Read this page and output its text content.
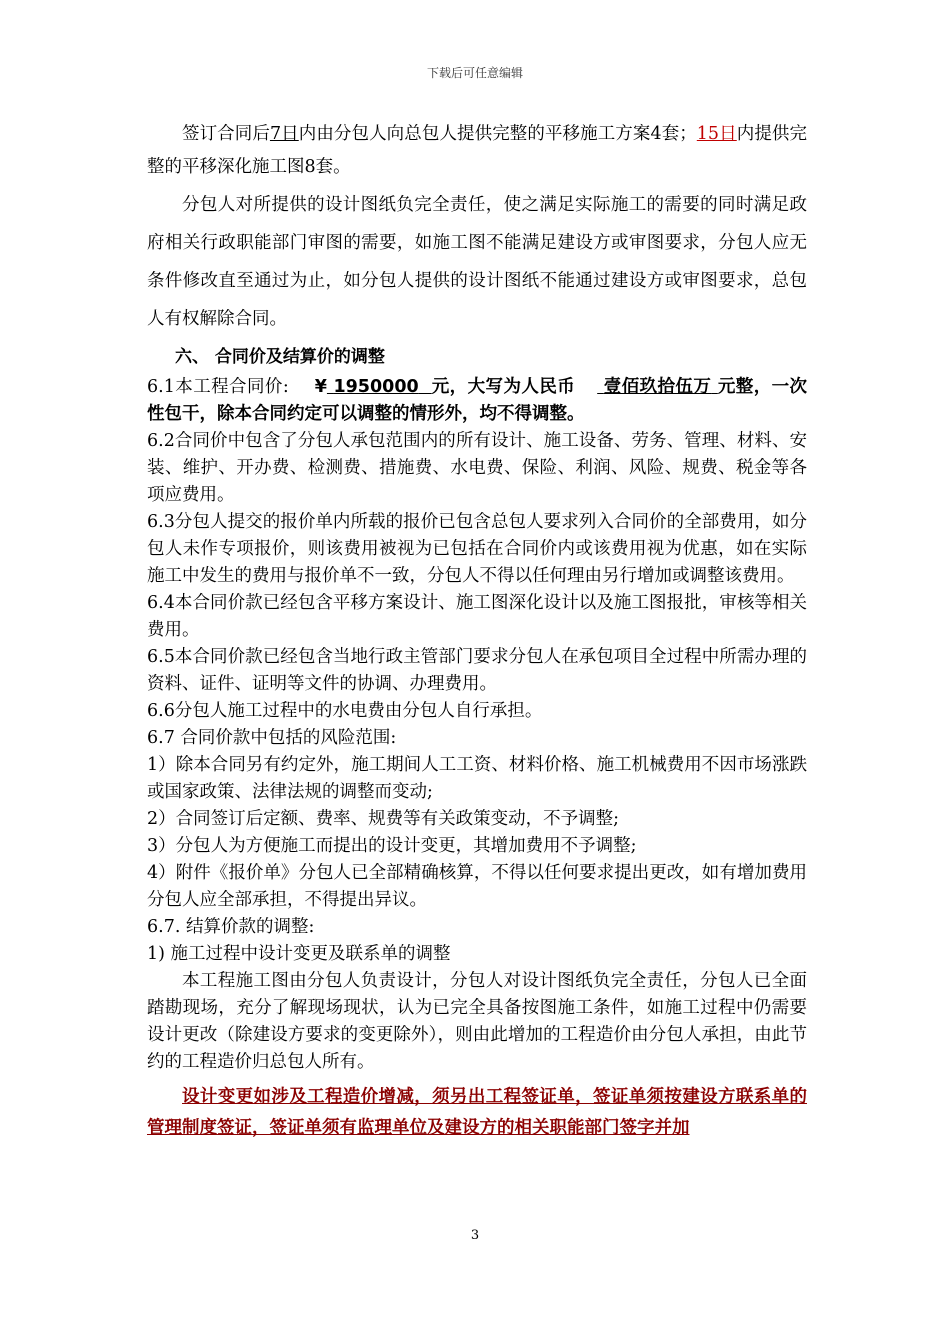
下载后可任意编辑

签订合同后7日内由分包人向总包人提供完整的平移施工方案4套；15日内提供完整的平移深化施工图8套。

分包人对所提供的设计图纸负完全责任，使之满足实际施工的需要的同时满足政府相关行政职能部门审图的需要，如施工图不能满足建设方或审图要求，分包人应无条件修改直至通过为止，如分包人提供的设计图纸不能通过建设方或审图要求，总包人有权解除合同。

六、 合同价及结算价的调整

6.1本工程合同价: ¥ 1950000 元，大写为人民币 壹佰玖拾伍万 元整，一次性包干，除本合同约定可以调整的情形外，均不得调整。

6.2合同价中包含了分包人承包范围内的所有设计、施工设备、劳务、管理、材料、安装、维护、开办费、检测费、措施费、水电费、保险、利润、风险、规费、税金等各项应费用。

6.3分包人提交的报价单内所载的报价已包含总包人要求列入合同价的全部费用，如分包人未作专项报价，则该费用被视为已包括在合同价内或该费用视为优惠，如在实际施工中发生的费用与报价单不一致，分包人不得以任何理由另行增加或调整该费用。

6.4本合同价款已经包含平移方案设计、施工图深化设计以及施工图报批，审核等相关费用。

6.5本合同价款已经包含当地行政主管部门要求分包人在承包项目全过程中所需办理的资料、证件、证明等文件的协调、办理费用。

6.6分包人施工过程中的水电费由分包人自行承担。

6.7 合同价款中包括的风险范围:

1）除本合同另有约定外，施工期间人工工资、材料价格、施工机械费用不因市场涨跌或国家政策、法律法规的调整而变动;

2）合同签订后定额、费率、规费等有关政策变动，不予调整;

3）分包人为方便施工而提出的设计变更，其增加费用不予调整;

4）附件《报价单》分包人已全部精确核算，不得以任何要求提出更改，如有增加费用分包人应全部承担，不得提出异议。

6.7. 结算价款的调整:

1) 施工过程中设计变更及联系单的调整

本工程施工图由分包人负责设计，分包人对设计图纸负完全责任，分包人已全面踏勘现场，充分了解现场现状，认为已完全具备按图施工条件，如施工过程中仍需要设计更改（除建设方要求的变更除外），则由此增加的工程造价由分包人承担，由此节约的工程造价归总包人所有。

设计变更如涉及工程造价增减，须另出工程签证单，签证单须按建设方联系单的管理制度签证，签证单须有监理单位及建设方的相关职能部门签字并加

3
